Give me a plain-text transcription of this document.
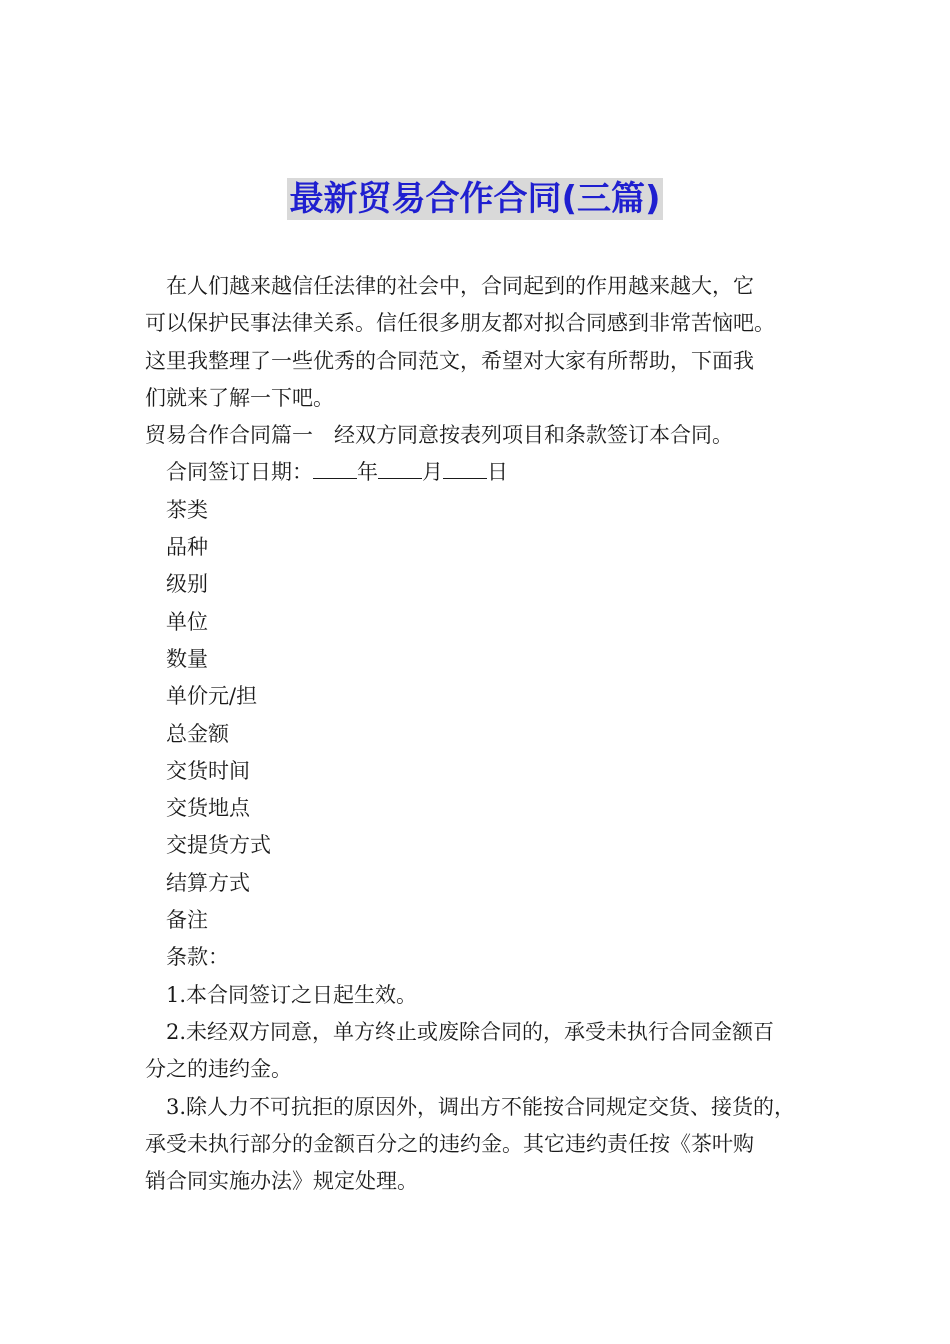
最新贸易合作合同(三篇)

在人们越来越信任法律的社会中，合同起到的作用越来越大，它

可以保护民事法律关系。信任很多朋友都对拟合同感到非常苦恼吧。

这里我整理了一些优秀的合同范文，希望对大家有所帮助，下面我

们就来了解一下吧。

贸易合作合同篇一　经双方同意按表列项目和条款签订本合同。

合同签订日期： 年 月 日

茶类

品种

级别

单位

数量

单价元/担

总金额

交货时间

交货地点

交提货方式

结算方式

备注

条款：

1.本合同签订之日起生效。

2.未经双方同意，单方终止或废除合同的，承受未执行合同金额百

分之的违约金。

3.除人力不可抗拒的原因外，调出方不能按合同规定交货、接货的，

承受未执行部分的金额百分之的违约金。其它违约责任按《茶叶购

销合同实施办法》规定处理。
